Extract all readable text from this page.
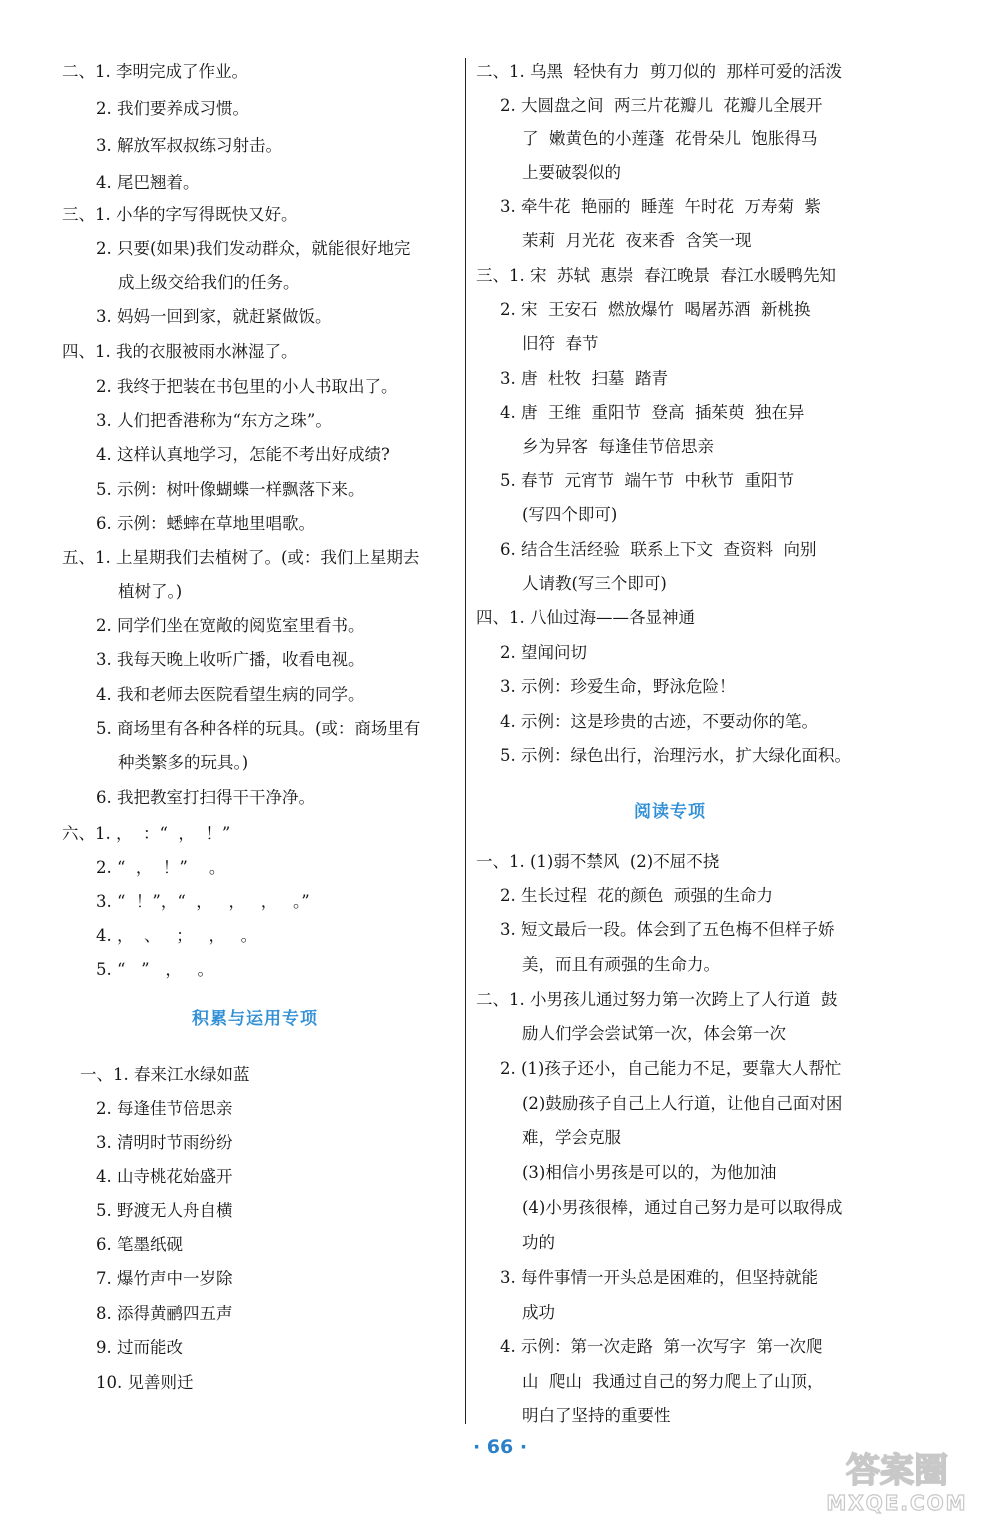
二、1. 李明完成了作业。
2. 我们要养成习惯。
3. 解放军叔叔练习射击。
4. 尾巴翘着。
三、1. 小华的字写得既快又好。
2. 只要(如果)我们发动群众，就能很好地完
成上级交给我们的任务。
3. 妈妈一回到家，就赶紧做饭。
四、1. 我的衣服被雨水淋湿了。
2. 我终于把装在书包里的小人书取出了。
3. 人们把香港称为“东方之珠”。
4. 这样认真地学习，怎能不考出好成绩?
5. 示例：树叶像蝴蝶一样飘落下来。
6. 示例：蟋蟀在草地里唱歌。
五、1. 上星期我们去植树了。(或：我们上星期去
植树了。)
2. 同学们坐在宽敞的阅览室里看书。
3. 我每天晚上收听广播，收看电视。
4. 我和老师去医院看望生病的同学。
5. 商场里有各种各样的玩具。(或：商场里有
种类繁多的玩具。)
6. 我把教室打扫得干干净净。
六、1. ，  ：“  ，  ！”
2. “  ，  ！”    。
3. “  ！”，“  ，   ，   ，   。”
4. ，  、   ；   ，   。
5. “   ”   ，   。
一、1. 春来江水绿如蓝
2. 每逢佳节倍思亲
3. 清明时节雨纷纷
4. 山寺桃花始盛开
5. 野渡无人舟自横
6. 笔墨纸砚
7. 爆竹声中一岁除
8. 添得黄鹂四五声
9. 过而能改
10. 见善则迁
二、1. 乌黑  轻快有力  剪刀似的  那样可爱的活泼
2. 大圆盘之间  两三片花瓣儿  花瓣儿全展开
了  嫩黄色的小莲蓬  花骨朵儿  饱胀得马
上要破裂似的
3. 牵牛花  艳丽的  睡莲  午时花  万寿菊  紫
茉莉  月光花  夜来香  含笑一现
三、1. 宋  苏轼  惠崇  春江晚景  春江水暖鸭先知
2. 宋  王安石  燃放爆竹  喝屠苏酒  新桃换
旧符  春节
3. 唐  杜牧  扫墓  踏青
4. 唐  王维  重阳节  登高  插茱萸  独在异
乡为异客  每逢佳节倍思亲
5. 春节  元宵节  端午节  中秋节  重阳节
(写四个即可)
6. 结合生活经验  联系上下文  查资料  向别
人请教(写三个即可)
四、1. 八仙过海——各显神通
2. 望闻问切
3. 示例：珍爱生命，野泳危险！
4. 示例：这是珍贵的古迹，不要动你的笔。
5. 示例：绿色出行，治理污水，扩大绿化面积。
一、1. (1)弱不禁风  (2)不屈不挠
2. 生长过程  花的颜色  顽强的生命力
3. 短文最后一段。体会到了五色梅不但样子娇
美，而且有顽强的生命力。
二、1. 小男孩儿通过努力第一次跨上了人行道  鼓
励人们学会尝试第一次，体会第一次
2. (1)孩子还小，自己能力不足，要靠大人帮忙
(2)鼓励孩子自己上人行道，让他自己面对困
难，学会克服
(3)相信小男孩是可以的，为他加油
(4)小男孩很棒，通过自己努力是可以取得成
功的
3. 每件事情一开头总是困难的，但坚持就能
成功
4. 示例：第一次走路  第一次写字  第一次爬
山  爬山  我通过自己的努力爬上了山顶，
明白了坚持的重要性
积累与运用专项
阅读专项
· 66 ·
答案圈
MXQE.COM
